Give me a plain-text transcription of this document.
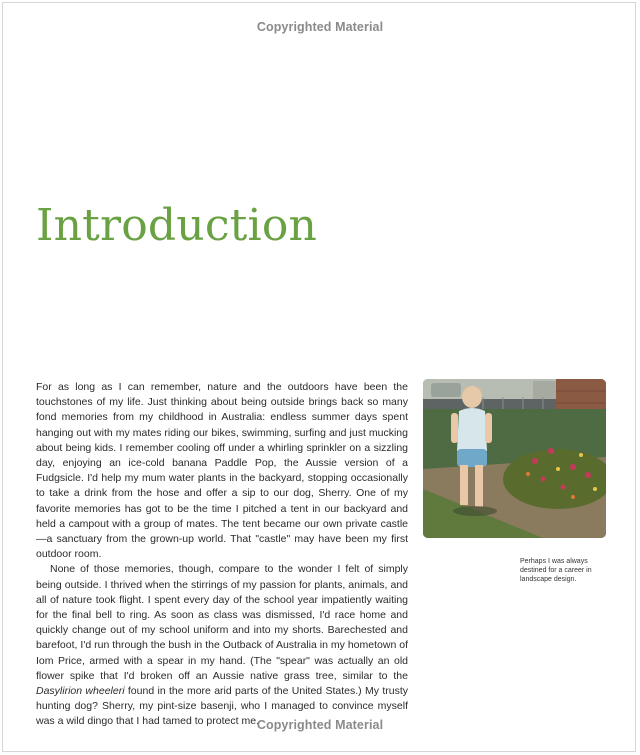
Copyrighted Material
Introduction

For as long as I can remember, nature and the outdoors have been the touchstones of my life. Just thinking about being outside brings back so many fond memories from my childhood in Australia: endless summer days spent hanging out with my mates riding our bikes, swimming, surfing and just mucking about being kids. I remember cooling off under a whirling sprinkler on a sizzling day, enjoying an ice-cold banana Paddle Pop, the Aussie version of a Fudgsicle. I'd help my mum water plants in the backyard, stopping occasionally to take a drink from the hose and offer a sip to our dog, Sherry. One of my favorite memories has got to be the time I pitched a tent in our backyard and held a campout with a group of mates. The tent became our own private castle—a sanctuary from the grown-up world. That "castle" may have been my first outdoor room.

None of those memories, though, compare to the wonder I felt of simply being outside. I thrived when the stirrings of my passion for plants, animals, and all of nature took flight. I spent every day of the school year impatiently waiting for the final bell to ring. As soon as class was dismissed, I'd race home and quickly change out of my school uniform and into my shorts. Barechested and barefoot, I'd run through the bush in the Outback of Australia in my hometown of Iom Price, armed with a spear in my hand. (The "spear" was actually an old flower spike that I'd broken off an Aussie native grass tree, similar to the Dasylirion wheeleri found in the more arid parts of the United States.) My trusty hunting dog? Sherry, my pint-size basenji, who I managed to convince myself was a wild dingo that I had tamed to protect me.

Perhaps I was always destined for a career in landscape design.
Copyrighted Material
